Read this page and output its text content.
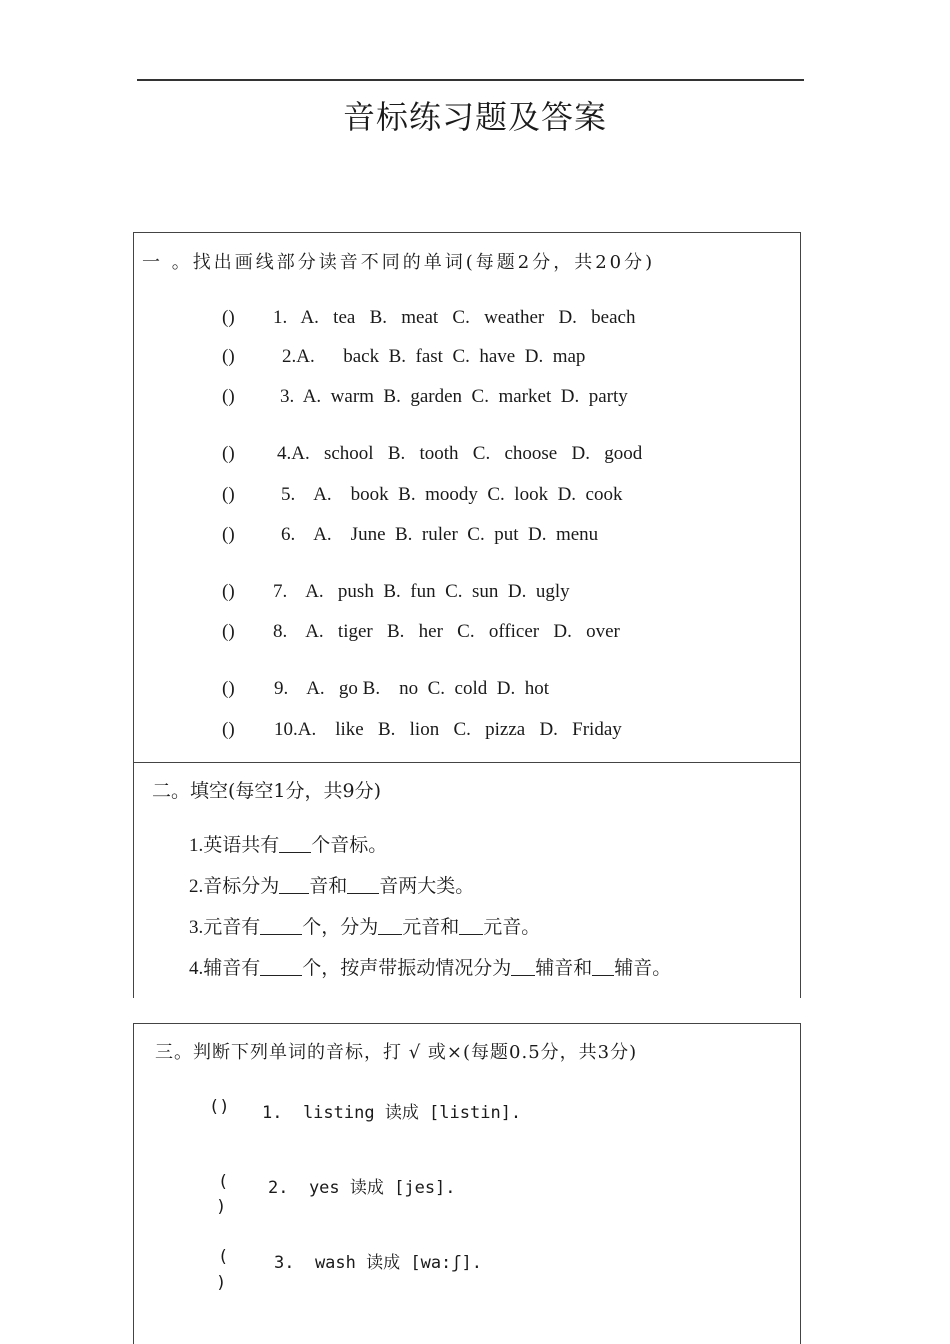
音标练习题及答案
一 。找出画线部分读音不同的单词(每题2分，共20分)
() 1.   A.   tea   B.   meat   C.   weather   D.   beach
() 2.A.      back  B.  fast  C.  have  D.  map
() 3.  A.  warm  B.  garden  C.  market  D.  party
() 4.A.   school   B.   tooth   C.   choose   D.   good
() 5.    A.    book  B.  moody  C.  look  D.  cook
() 6.    A.    June  B.  ruler  C.  put  D.  menu
() 7.    A.   push  B.  fun  C.  sun  D.  ugly
() 8.    A.   tiger   B.   her   C.   officer   D.   over
() 9.    A.   go B.    no  C.  cold  D.  hot
() 10.A.    like   B.   lion   C.   pizza   D.   Friday
二。填空(每空1分，共9分)
1.英语共有 个音标。
2.音标分为 音和 音两大类。
3.元音有 个，分为 元音和 元音。
4.辅音有 个，按声带振动情况分为 辅音和 辅音。
三。判断下列单词的音标，打 √ 或×(每题0.5分，共3分)
() 1.  listing 读成 [listin].
(
)
2.  yes 读成 [jes].
(
)
3.  wash 读成 [wa:ʃ].
